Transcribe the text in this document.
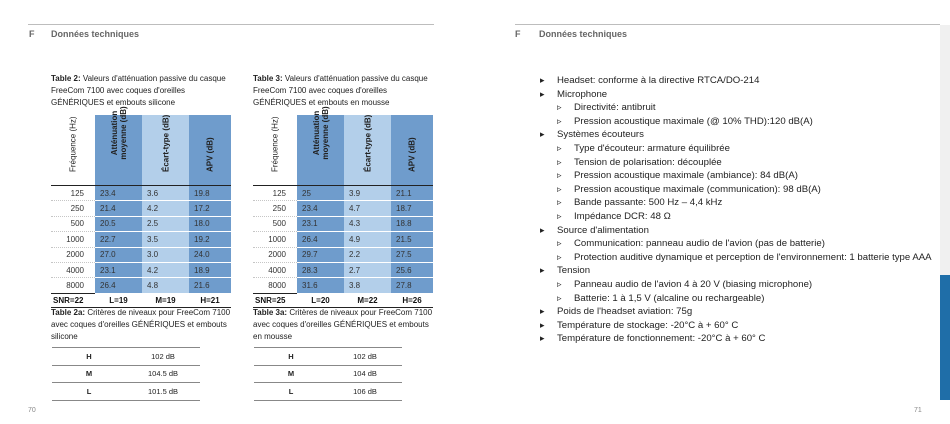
F Données techniques
Table 2: Valeurs d'atténuation passive du casque FreeCom 7100 avec coques d'oreilles GÉNÉRIQUES et embouts silicone
Fréquence (Hz)	Atténuation moyenne (dB)	Écart-type (dB)	APV (dB)

125	23.4	3.6	19.8
250	21.4	4.2	17.2
500	20.5	2.5	18.0
1000	22.7	3.5	19.2
2000	27.0	3.0	24.0
4000	23.1	4.2	18.9
8000	26.4	4.8	21.6
SNR=22	L=19	M=19	H=21
Table 2a: Critères de niveaux pour FreeCom 7100 avec coques d'oreilles GÉNÉRIQUES et embouts silicone
H	102 dB
M	104.5 dB
L	101.5 dB
Table 3: Valeurs d'atténuation passive du casque FreeCom 7100 avec coques d'oreilles GÉNÉRIQUES et embouts en mousse
Fréquence (Hz)	Atténuation moyenne (dB)	Écart-type (dB)	APV (dB)

125	25	3.9	21.1
250	23.4	4.7	18.7
500	23.1	4.3	18.8
1000	26.4	4.9	21.5
2000	29.7	2.2	27.5
4000	28.3	2.7	25.6
8000	31.6	3.8	27.8
SNR=25	L=20	M=22	H=26
Table 3a: Critères de niveaux pour FreeCom 7100 avec coques d'oreilles GÉNÉRIQUES et embouts en mousse
H	102 dB
M	104 dB
L	106 dB
70
F Données techniques
71
▸ Headset: conforme à la directive RTCA/DO-214
▸ Microphone
▹ Directivité: antibruit
▹ Pression acoustique maximale (@ 10% THD):120 dB(A)
▸ Systèmes écouteurs
▹ Type d'écouteur: armature équilibrée
▹ Tension de polarisation: découplée
▹ Pression acoustique maximale (ambiance): 84 dB(A)
▹ Pression acoustique maximale (communication): 98 dB(A)
▹ Bande passante: 500 Hz – 4,4 kHz
▹ Impédance DCR: 48 Ω
▸ Source d'alimentation
▹ Communication: panneau audio de l'avion (pas de batterie)
▹ Protection auditive dynamique et perception de l'environnement: 1 batterie type AAA
▸ Tension
▹ Panneau audio de l'avion 4 à 20 V (biasing microphone)
▹ Batterie: 1 à 1,5 V (alcaline ou rechargeable)
▸ Poids de l'headset aviation: 75g
▸ Température de stockage: -20°C à + 60° C
▸ Température de fonctionnement: -20°C à + 60° C
